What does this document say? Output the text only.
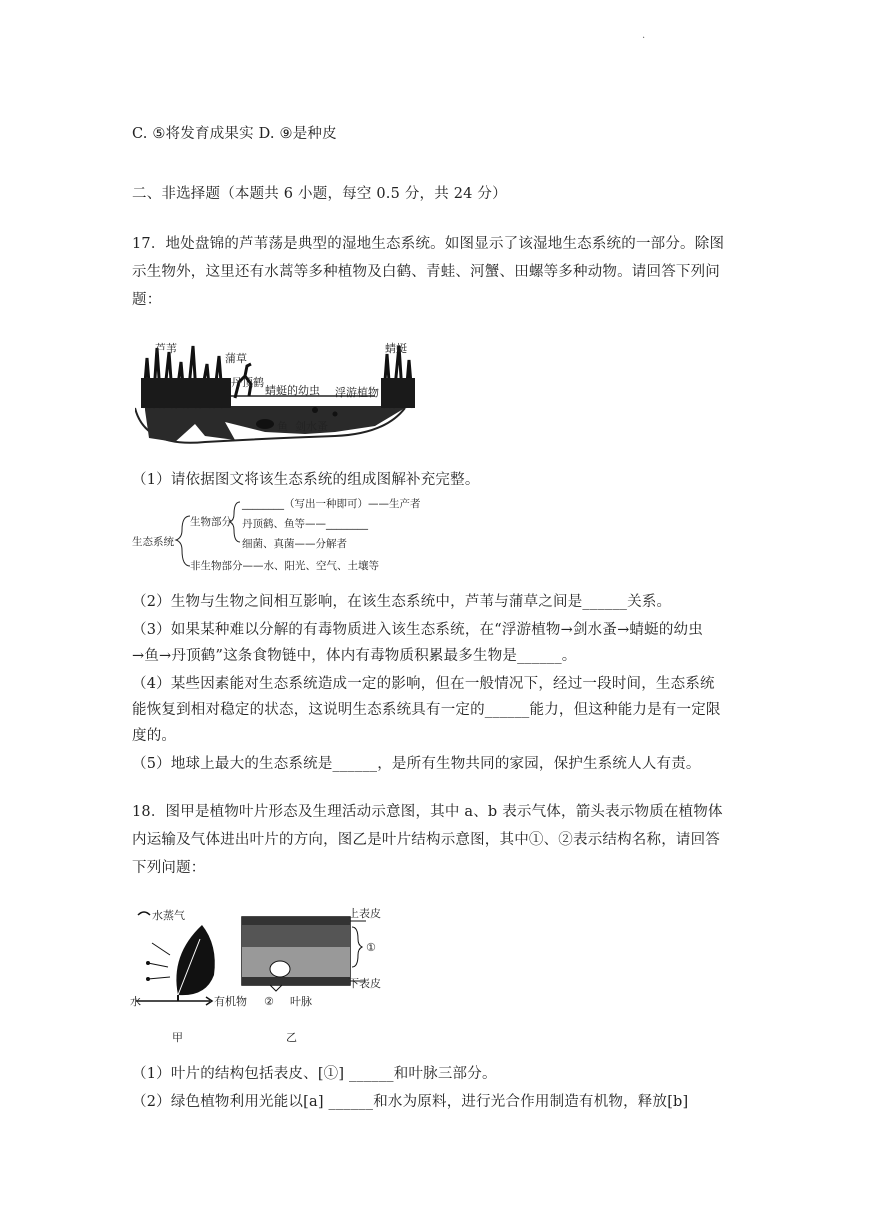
.
C. ⑤将发育成果实 D. ⑨是种皮
二、非选择题（本题共 6 小题，每空 0.5 分，共 24 分）
17．地处盘锦的芦苇荡是典型的湿地生态系统。如图显示了该湿地生态系统的一部分。除图
示生物外，这里还有水蒿等多种植物及白鹤、青蛙、河蟹、田螺等多种动物。请回答下列问
题：
芦苇
蒲草
丹顶鹤
蜻蜓
蜻蜓的幼虫 浮游植物
鱼 剑水蚤
（1）请依据图文将该生态系统的组成图解补充完整。
生态系统
生物部分
________（写出一种即可）——生产者
丹顶鹤、鱼等——________
细菌、真菌——分解者
非生物部分——水、阳光、空气、土壤等
（2）生物与生物之间相互影响，在该生态系统中，芦苇与蒲草之间是______关系。
（3）如果某种难以分解的有毒物质进入该生态系统，在“浮游植物→剑水蚤→蜻蜓的幼虫
→鱼→丹顶鹤”这条食物链中，体内有毒物质积累最多生物是______。
（4）某些因素能对生态系统造成一定的影响，但在一般情况下，经过一段时间，生态系统
能恢复到相对稳定的状态，这说明生态系统具有一定的______能力，但这种能力是有一定限
度的。
（5）地球上最大的生态系统是______，是所有生物共同的家园，保护生系统人人有责。
18．图甲是植物叶片形态及生理活动示意图，其中 a、b 表示气体，箭头表示物质在植物体
内运输及气体进出叶片的方向，图乙是叶片结构示意图，其中①、②表示结构名称，请回答
下列问题：
水蒸气
水	有机物
上表皮
①
下表皮
② 叶脉
甲	乙
（1）叶片的结构包括表皮、[①] ______和叶脉三部分。
（2）绿色植物利用光能以[a] ______和水为原料，进行光合作用制造有机物，释放[b]
